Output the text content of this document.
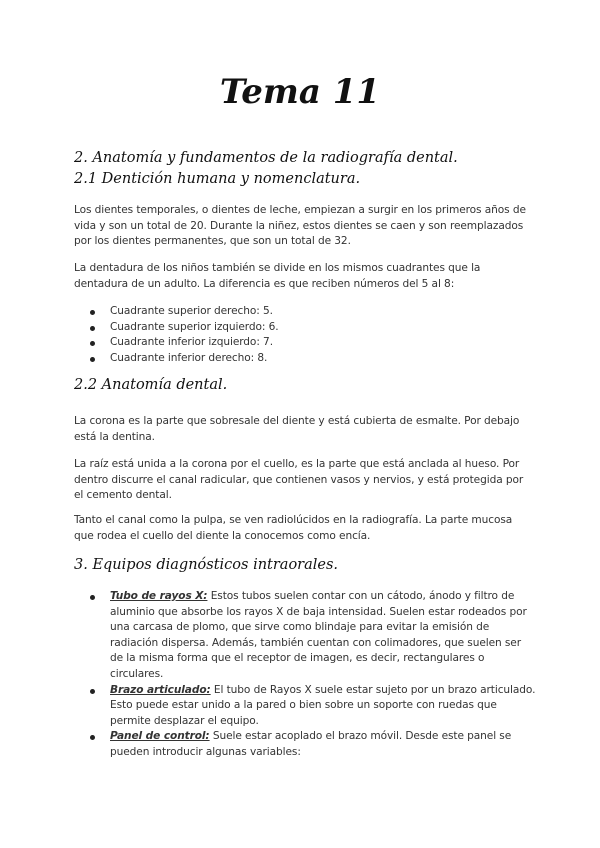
Tema 11
2. Anatomía y fundamentos de la radiografía dental.
2.1 Dentición humana y nomenclatura.
Los dientes temporales, o dientes de leche, empiezan a surgir en los primeros años de vida y son un total de 20. Durante la niñez, estos dientes se caen y son reemplazados por los dientes permanentes, que son un total de 32.
La dentadura de los niños también se divide en los mismos cuadrantes que la dentadura de un adulto. La diferencia es que reciben números del 5 al 8:
Cuadrante superior derecho: 5.
Cuadrante superior izquierdo: 6.
Cuadrante inferior izquierdo: 7.
Cuadrante inferior derecho: 8.
2.2 Anatomía dental.
La corona es la parte que sobresale del diente y está cubierta de esmalte. Por debajo está la dentina.
La raíz está unida a la corona por el cuello, es la parte que está anclada al hueso. Por dentro discurre el canal radicular, que contienen vasos y nervios, y está protegida por el cemento dental.
Tanto el canal como la pulpa, se ven radiolúcidos en la radiografía. La parte mucosa que rodea el cuello del diente la conocemos como encía.
3. Equipos diagnósticos intraorales.
Tubo de rayos X: Estos tubos suelen contar con un cátodo, ánodo y filtro de aluminio que absorbe los rayos X de baja intensidad. Suelen estar rodeados por una carcasa de plomo, que sirve como blindaje para evitar la emisión de radiación dispersa. Además, también cuentan con colimadores, que suelen ser de la misma forma que el receptor de imagen, es decir, rectangulares o circulares.
Brazo articulado: El tubo de Rayos X suele estar sujeto por un brazo articulado. Esto puede estar unido a la pared o bien sobre un soporte con ruedas que permite desplazar el equipo.
Panel de control: Suele estar acoplado el brazo móvil. Desde este panel se pueden introducir algunas variables:
